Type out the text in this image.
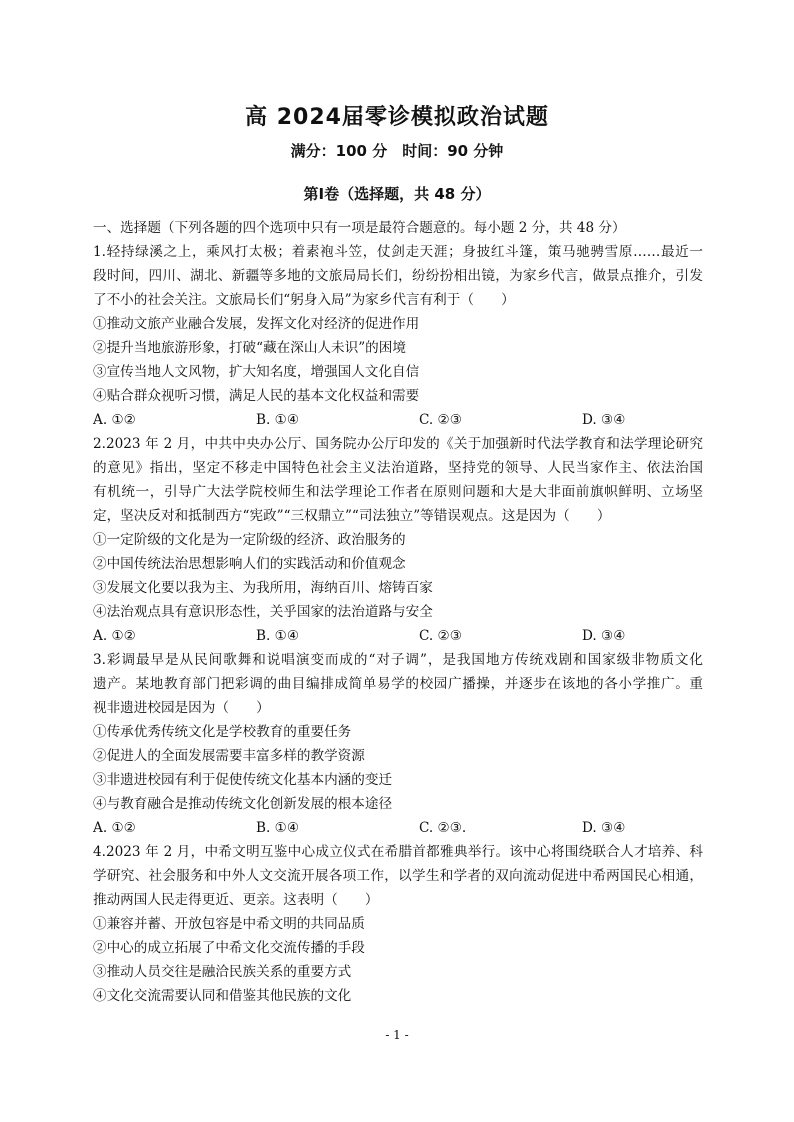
高 2024届零诊模拟政治试题
满分：100 分　时间：90 分钟
第Ⅰ卷（选择题，共 48 分）
一、选择题（下列各题的四个选项中只有一项是最符合题意的。每小题 2 分，共 48 分）
1.轻持绿溪之上，乘风打太极；着素袍斗笠，仗剑走天涯；身披红斗篷，策马驰骋雪原……最近一
段时间，四川、湖北、新疆等多地的文旅局局长们，纷纷扮相出镜，为家乡代言，做景点推介，引发
了不小的社会关注。文旅局长们“躬身入局”为家乡代言有利于（　　）
①推动文旅产业融合发展，发挥文化对经济的促进作用
②提升当地旅游形象，打破“藏在深山人未识”的困境
③宣传当地人文风物，扩大知名度，增强国人文化自信
④贴合群众视听习惯，满足人民的基本文化权益和需要
A. ①②	B. ①④	C. ②③	D. ③④
2.2023 年 2 月，中共中央办公厅、国务院办公厅印发的《关于加强新时代法学教育和法学理论研究
的意见》指出，坚定不移走中国特色社会主义法治道路，坚持党的领导、人民当家作主、依法治国
有机统一，引导广大法学院校师生和法学理论工作者在原则问题和大是大非面前旗帜鲜明、立场坚
定，坚决反对和抵制西方“宪政”“三权鼎立”“司法独立”等错误观点。这是因为（　　）
①一定阶级的文化是为一定阶级的经济、政治服务的
②中国传统法治思想影响人们的实践活动和价值观念
③发展文化要以我为主、为我所用，海纳百川、熔铸百家
④法治观点具有意识形态性，关乎国家的法治道路与安全
A. ①②	B. ①④	C. ②③	D. ③④
3.彩调最早是从民间歌舞和说唱演变而成的“对子调”，是我国地方传统戏剧和国家级非物质文化
遗产。某地教育部门把彩调的曲目编排成简单易学的校园广播操，并逐步在该地的各小学推广。重
视非遗进校园是因为（　　）
①传承优秀传统文化是学校教育的重要任务
②促进人的全面发展需要丰富多样的教学资源
③非遗进校园有利于促使传统文化基本内涵的变迁
④与教育融合是推动传统文化创新发展的根本途径
A. ①②	B. ①④	C. ②③.	D. ③④
4.2023 年 2 月，中希文明互鉴中心成立仪式在希腊首都雅典举行。该中心将围绕联合人才培养、科
学研究、社会服务和中外人文交流开展各项工作，以学生和学者的双向流动促进中希两国民心相通，
推动两国人民走得更近、更亲。这表明（　　）
①兼容并蓄、开放包容是中希文明的共同品质
②中心的成立拓展了中希文化交流传播的手段
③推动人员交往是融洽民族关系的重要方式
④文化交流需要认同和借鉴其他民族的文化
- 1 -
